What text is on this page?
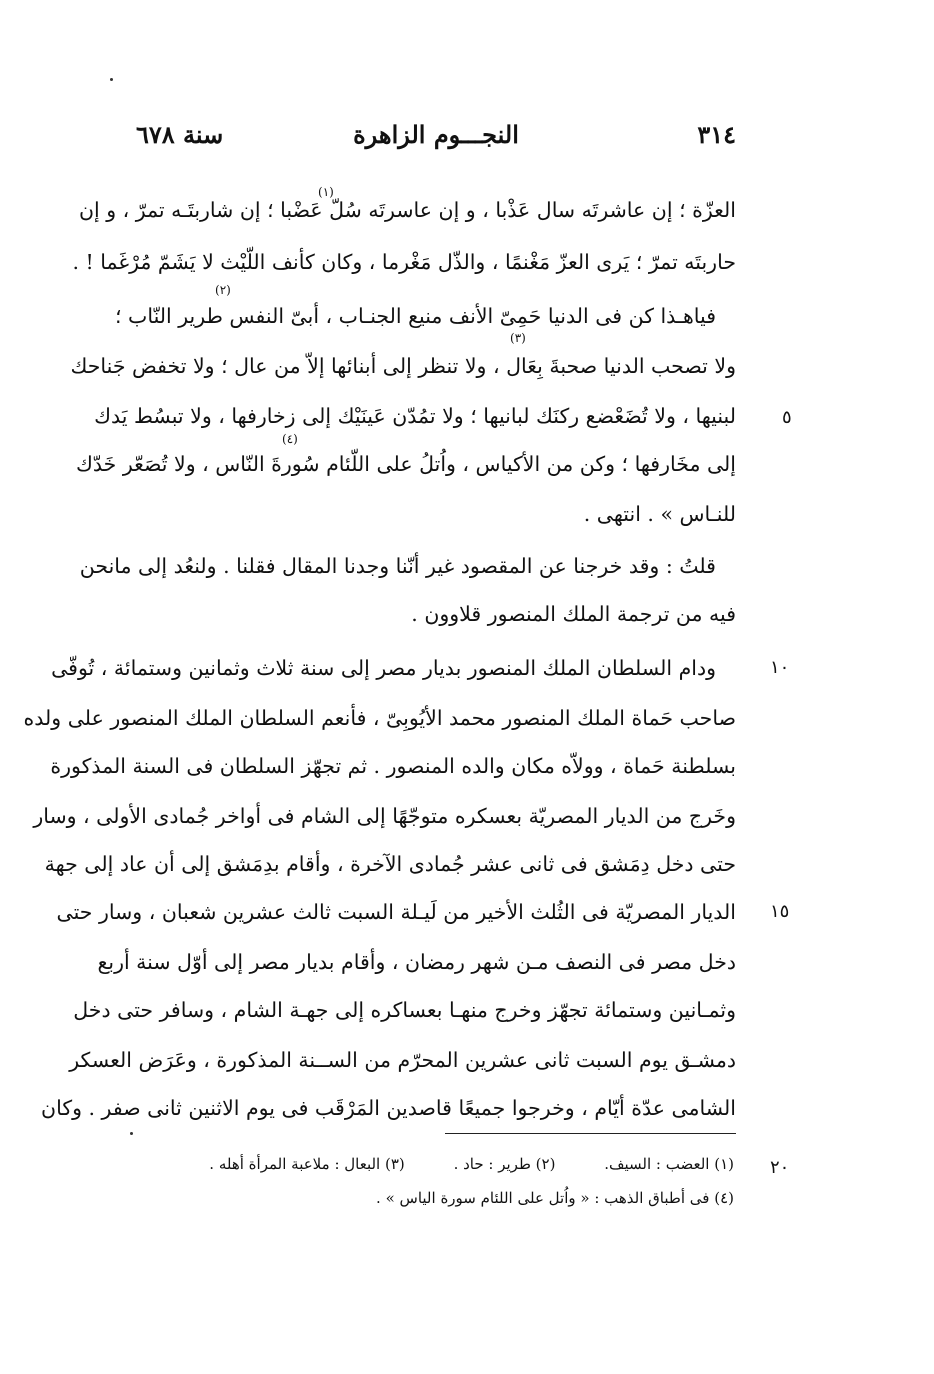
٣١٤
النجـــوم الزاهرة
سنة ٦٧٨
(١)
(٢)
(٣)
(٤)
العزّة ؛ إن عاشرتَه سال عَذْبا ، و إن عاسرتَه سُلّ عَضْبا ؛ إن شاربتَـه تمرّ ، و إن
حاربتَه تمرّ ؛ يَرى العزّ مَغْنمًا ، والذّل مَغْرما ، وكان كأنف اللّيْث لا يَشَمّ مُرْغَما ! .
فياهـذا كن فى الدنيا حَمِىّ الأنف منيع الجنـاب ، أبىّ النفس طرير النّاب ؛
ولا تصحب الدنيا صحبةَ بِعَال ، ولا تنظر إلى أبنائها إلاّ من عال ؛ ولا تخفض جَناحك
لبنيها ، ولا تُضَعْضع ركنَك لبانيها ؛ ولا تمُدّن عَينَيْك إلى زخارفها ، ولا تبسُط يَدك
إلى مخَارفها ؛ وكن من الأكياس ، واُتلُ على اللّئام سُورةَ النّاس ، ولا تُصَعّر خَدّك
للنـاس » . انتهى .
قلتُ : وقد خرجنا عن المقصود غير أنّنا وجدنا المقال فقلنا . ولنعُد إلى مانحن
فيه من ترجمة الملك المنصور قلاوون .
ودام السلطان الملك المنصور بديار مصر إلى سنة ثلاث وثمانين وستمائة ، تُوفّى
صاحب حَماة الملك المنصور محمد الأيُوبِىّ ، فأنعم السلطان الملك المنصور على ولده
بسلطنة حَماة ، وولاّه مكان والده المنصور . ثم تجهّز السلطان فى السنة المذكورة
وخَرج من الديار المصريّة بعسكره متوجّهًا إلى الشام فى أواخر جُمادى الأولى ، وسار
حتى دخل دِمَشق فى ثانى عشر جُمادى الآخرة ، وأقام بدِمَشق إلى أن عاد إلى جهة
الديار المصريّة فى الثُلث الأخير من لَيـلة السبت ثالث عشرين شعبان ، وسار حتى
دخل مصر فى النصف مـن شهر رمضان ، وأقام بديار مصر إلى أوّل سنة أربع
وثمـانين وستمائة تجهّز وخرج منهـا بعساكره إلى جهـة الشام ، وسافر حتى دخل
دمشـق يوم السبت ثانى عشرين المحرّم من الســنة المذكورة ، وعَرَض العسكر
الشامى عدّة أيّام ، وخرجوا جميعًا قاصدين المَرْقَب فى يوم الاثنين ثانى صفر . وكان
٥
١٠
١٥
٢٠
(١) العضب : السيف. (٢) طرير : حاد . (٣) البعال : ملاعبة المرأة أهله .
(٤) فى أطباق الذهب : « واُتل على اللئام سورة الياس » .
